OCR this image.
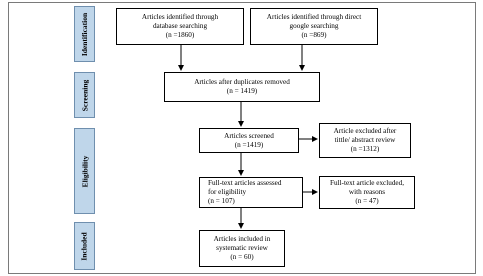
Identification
Screening
Eligibility
Included
Articles identified through
database searching
(n =1860)
Articles identified through direct
google searching
(n =869)
Articles after duplicates removed
(n = 1419)
Articles screened
(n =1419)
Article excluded after
tittle/ abstract review
(n =1312)
Full-text articles assessed
for eligibility
(n = 107)
Full-text article excluded,
with reasons
(n = 47)
Articles included in
systematic review
(n = 60)
